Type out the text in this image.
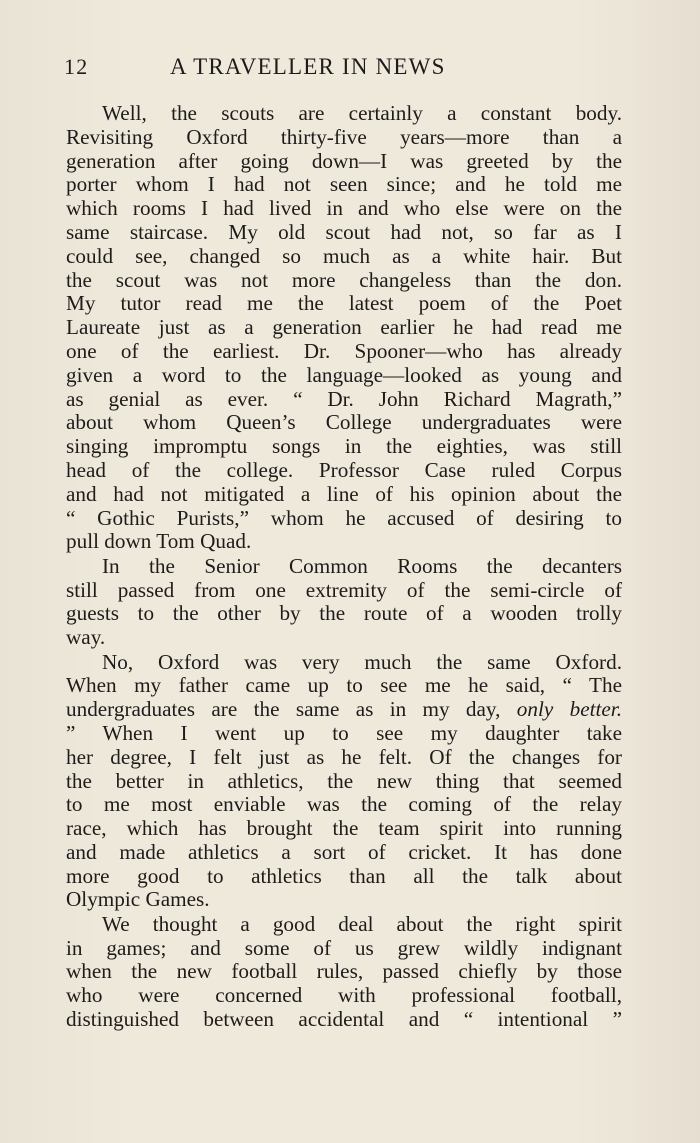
12	A TRAVELLER IN NEWS
Well, the scouts are certainly a constant body.
Revisiting Oxford thirty-five years—more than a
generation after going down—I was greeted by the
porter whom I had not seen since; and he told me
which rooms I had lived in and who else were on the
same staircase. My old scout had not, so far as I
could see, changed so much as a white hair. But
the scout was not more changeless than the don.
My tutor read me the latest poem of the Poet
Laureate just as a generation earlier he had read me
one of the earliest. Dr. Spooner—who has already
given a word to the language—looked as young and
as genial as ever. “ Dr. John Richard Magrath,”
about whom Queen’s College undergraduates were
singing impromptu songs in the eighties, was still
head of the college. Professor Case ruled Corpus
and had not mitigated a line of his opinion about the
“ Gothic Purists,” whom he accused of desiring to
pull down Tom Quad.
In the Senior Common Rooms the decanters
still passed from one extremity of the semi-circle of
guests to the other by the route of a wooden trolly
way.
No, Oxford was very much the same Oxford.
When my father came up to see me he said, “ The
undergraduates are the same as in my day, only better.
” When I went up to see my daughter take
her degree, I felt just as he felt. Of the changes for
the better in athletics, the new thing that seemed
to me most enviable was the coming of the relay
race, which has brought the team spirit into running
and made athletics a sort of cricket. It has done
more good to athletics than all the talk about
Olympic Games.
We thought a good deal about the right spirit
in games; and some of us grew wildly indignant
when the new football rules, passed chiefly by those
who were concerned with professional football,
distinguished between accidental and “ intentional ”
